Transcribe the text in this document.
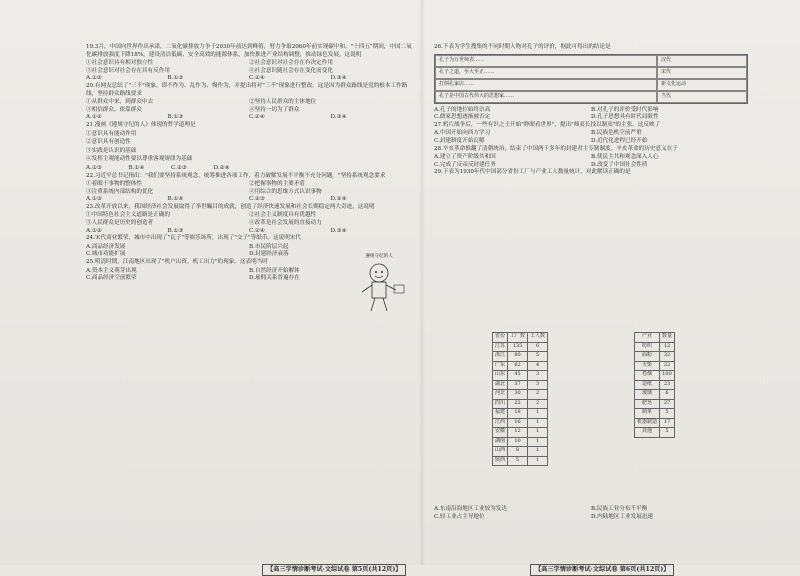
19.3月，中国向世界作出承诺，二氧化碳排放力争于2030年前达到峰值，努力争取2060年前实现碳中和。"十四五"期间，中国二氧化碳排放强度下降18%，建设清洁低碳、安全高效的能源体系，加快推进产业结构调整，推动绿色发展。这说明

①社会意识具有相对独立性	②社会意识对社会存在有决定作用
③社会意识对社会存在具有反作用	④社会意识随社会存在变化而变化
A.①②	B.①③	C.②④	D.③④

20.有网友总结了"三不"现象，即不作为、乱作为、慢作为，并提出将对"三不"现象进行整改。这是因为群众路线是党的根本工作路线，坚持群众路线要求

①从群众中来，到群众中去	②坚持人民群众的主体地位
③相信群众、依靠群众	④坚持一切为了群众
A.①②	B.①③	C.②④	D.③④

21.漫画《遵规守纪的人》体现的哲学道理是

①意识具有能动作用

②意识具有创造性

③实践是认识的基础

④发挥主观能动性要以尊重客观规律为基础

A.①③	B.①④	C.②③	D.②④

22.习近平总书记指出："我们要坚持系统观念，统筹推进各项工作，着力破解发展不平衡不充分问题。"坚持系统观念要求

①着眼于事物的整体性	②把握事物的主要矛盾
③注重系统内部结构的优化	④用综合的思维方式认识事物
A.①③	B.①④	C.②③	D.②④

23.改革开放以来，我国经济社会发展取得了举世瞩目的成就，创造了经济快速发展和社会长期稳定两大奇迹。这说明

①中国特色社会主义道路是正确的	②社会主义制度具有优越性
③人民群众是历史的创造者	④改革是社会发展的直接动力
A.①②	B.①③	C.②④	D.③④

24.宋代商业繁荣，城市中出现了"瓦子"等娱乐场所，出现了"交子"等纸币。这说明宋代

A.商品经济发展	B.市民阶层兴起
C.城市功能扩展	D.封建经济衰落

25.明清时期，江南地区出现了"机户出资，机工出力"的现象。这表明当时

A.资本主义萌芽出现	B.自然经济开始解体
C.商品经济空前繁荣	D.雇佣关系普遍存在
遵规守纪的人
【高三学情诊断考试·文综试卷 第5页(共12页)】

26.下表为学生搜集的不同时期人物对孔子的评价，据此可得出的结论是

孔子为万世师表……	汉代
孔子之道，至大至正……	宋代
打倒孔家店……	新文化运动
孔子是中国古代伟大的思想家……	当代
A.孔子的地位始终崇高	B.对孔子的评价受时代影响
C.儒家思想逐渐被否定	D.孔子思想具有时代局限性

27.鸦片战争后，一些有识之士开始"睁眼看世界"，提出"师夷长技以制夷"的主张。这反映了

A.中国开始向西方学习	B.民族危机空前严重
C.封建制度开始瓦解	D.近代化进程已经开始

28.辛亥革命推翻了清朝统治，结束了中国两千多年的封建君主专制制度。辛亥革命的历史意义在于

A.建立了资产阶级共和国	B.使民主共和观念深入人心
C.完成了反帝反封建任务	D.改变了中国社会性质

29.下表为1930年代中国部分省份工厂与产业工人数量统计，对此解读正确的是

省份	工厂数	工人数
江苏	135	6
浙江	80	5
广东	62	4
山东	45	3
湖北	37	3
河北	30	2
四川	22	2
福建	18	1
江西	16	1
安徽	12	1
湖南	10	1
山西	8	1
陕西	5	1
产业	数量
纺织	12
面粉	32
火柴	22
卷烟	100
造纸	23
玻璃	6
肥皂	27
制革	5
机器制造	17
其他	5
A.东南沿海地区工业较为发达	B.民族工业分布不平衡
C.轻工业占主导地位	D.内陆地区工业发展迅速
【高三学情诊断考试·文综试卷 第6页(共12页)】
